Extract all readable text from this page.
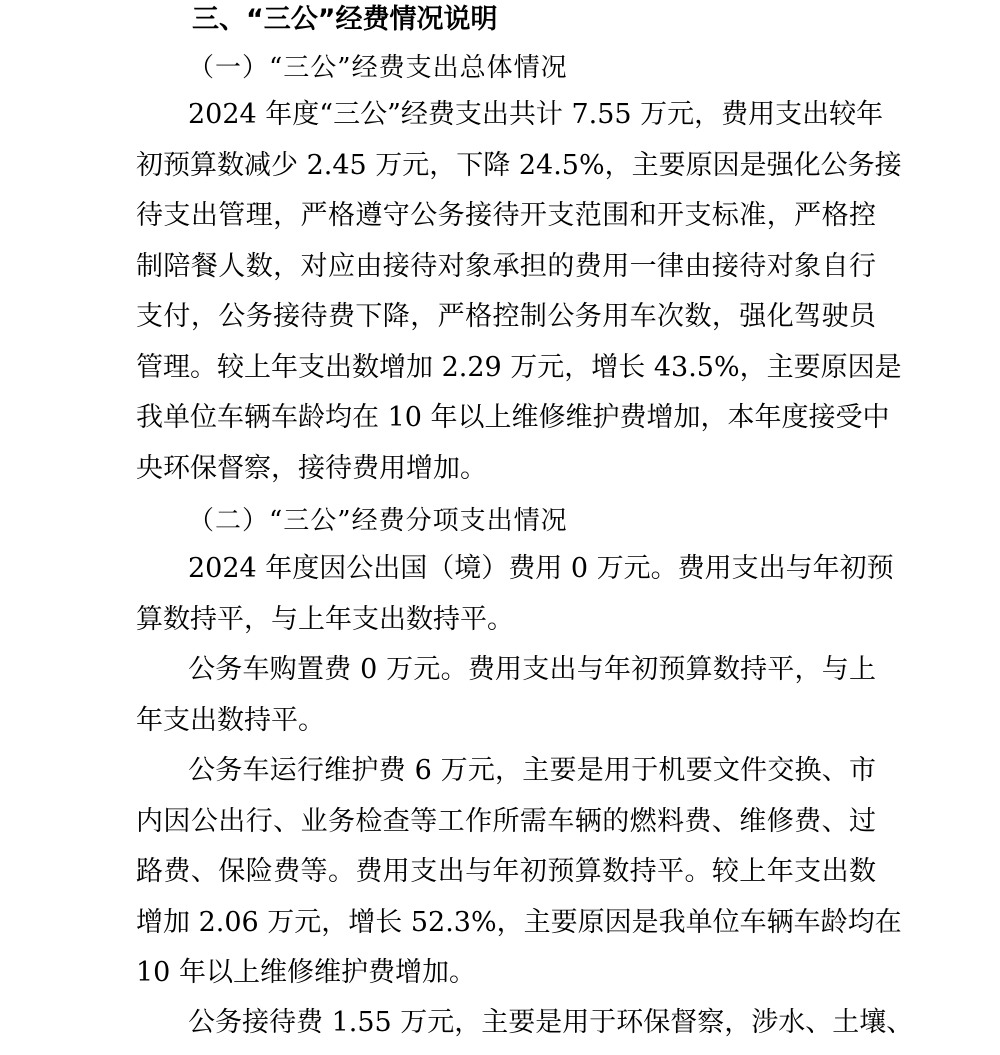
三、“三公”经费情况说明
（一）“三公”经费支出总体情况
2024 年度“三公”经费支出共计 7.55 万元，费用支出较年
初预算数减少 2.45 万元，下降 24.5%，主要原因是强化公务接
待支出管理，严格遵守公务接待开支范围和开支标准，严格控
制陪餐人数，对应由接待对象承担的费用一律由接待对象自行
支付，公务接待费下降，严格控制公务用车次数，强化驾驶员
管理。较上年支出数增加 2.29 万元，增长 43.5%，主要原因是
我单位车辆车龄均在 10 年以上维修维护费增加，本年度接受中
央环保督察，接待费用增加。
（二）“三公”经费分项支出情况
2024 年度因公出国（境）费用 0 万元。费用支出与年初预
算数持平，与上年支出数持平。
公务车购置费 0 万元。费用支出与年初预算数持平，与上
年支出数持平。
公务车运行维护费 6 万元，主要是用于机要文件交换、市
内因公出行、业务检查等工作所需车辆的燃料费、维修费、过
路费、保险费等。费用支出与年初预算数持平。较上年支出数
增加 2.06 万元，增长 52.3%，主要原因是我单位车辆车龄均在
10 年以上维修维护费增加。
公务接待费 1.55 万元，主要是用于环保督察，涉水、土壤、
